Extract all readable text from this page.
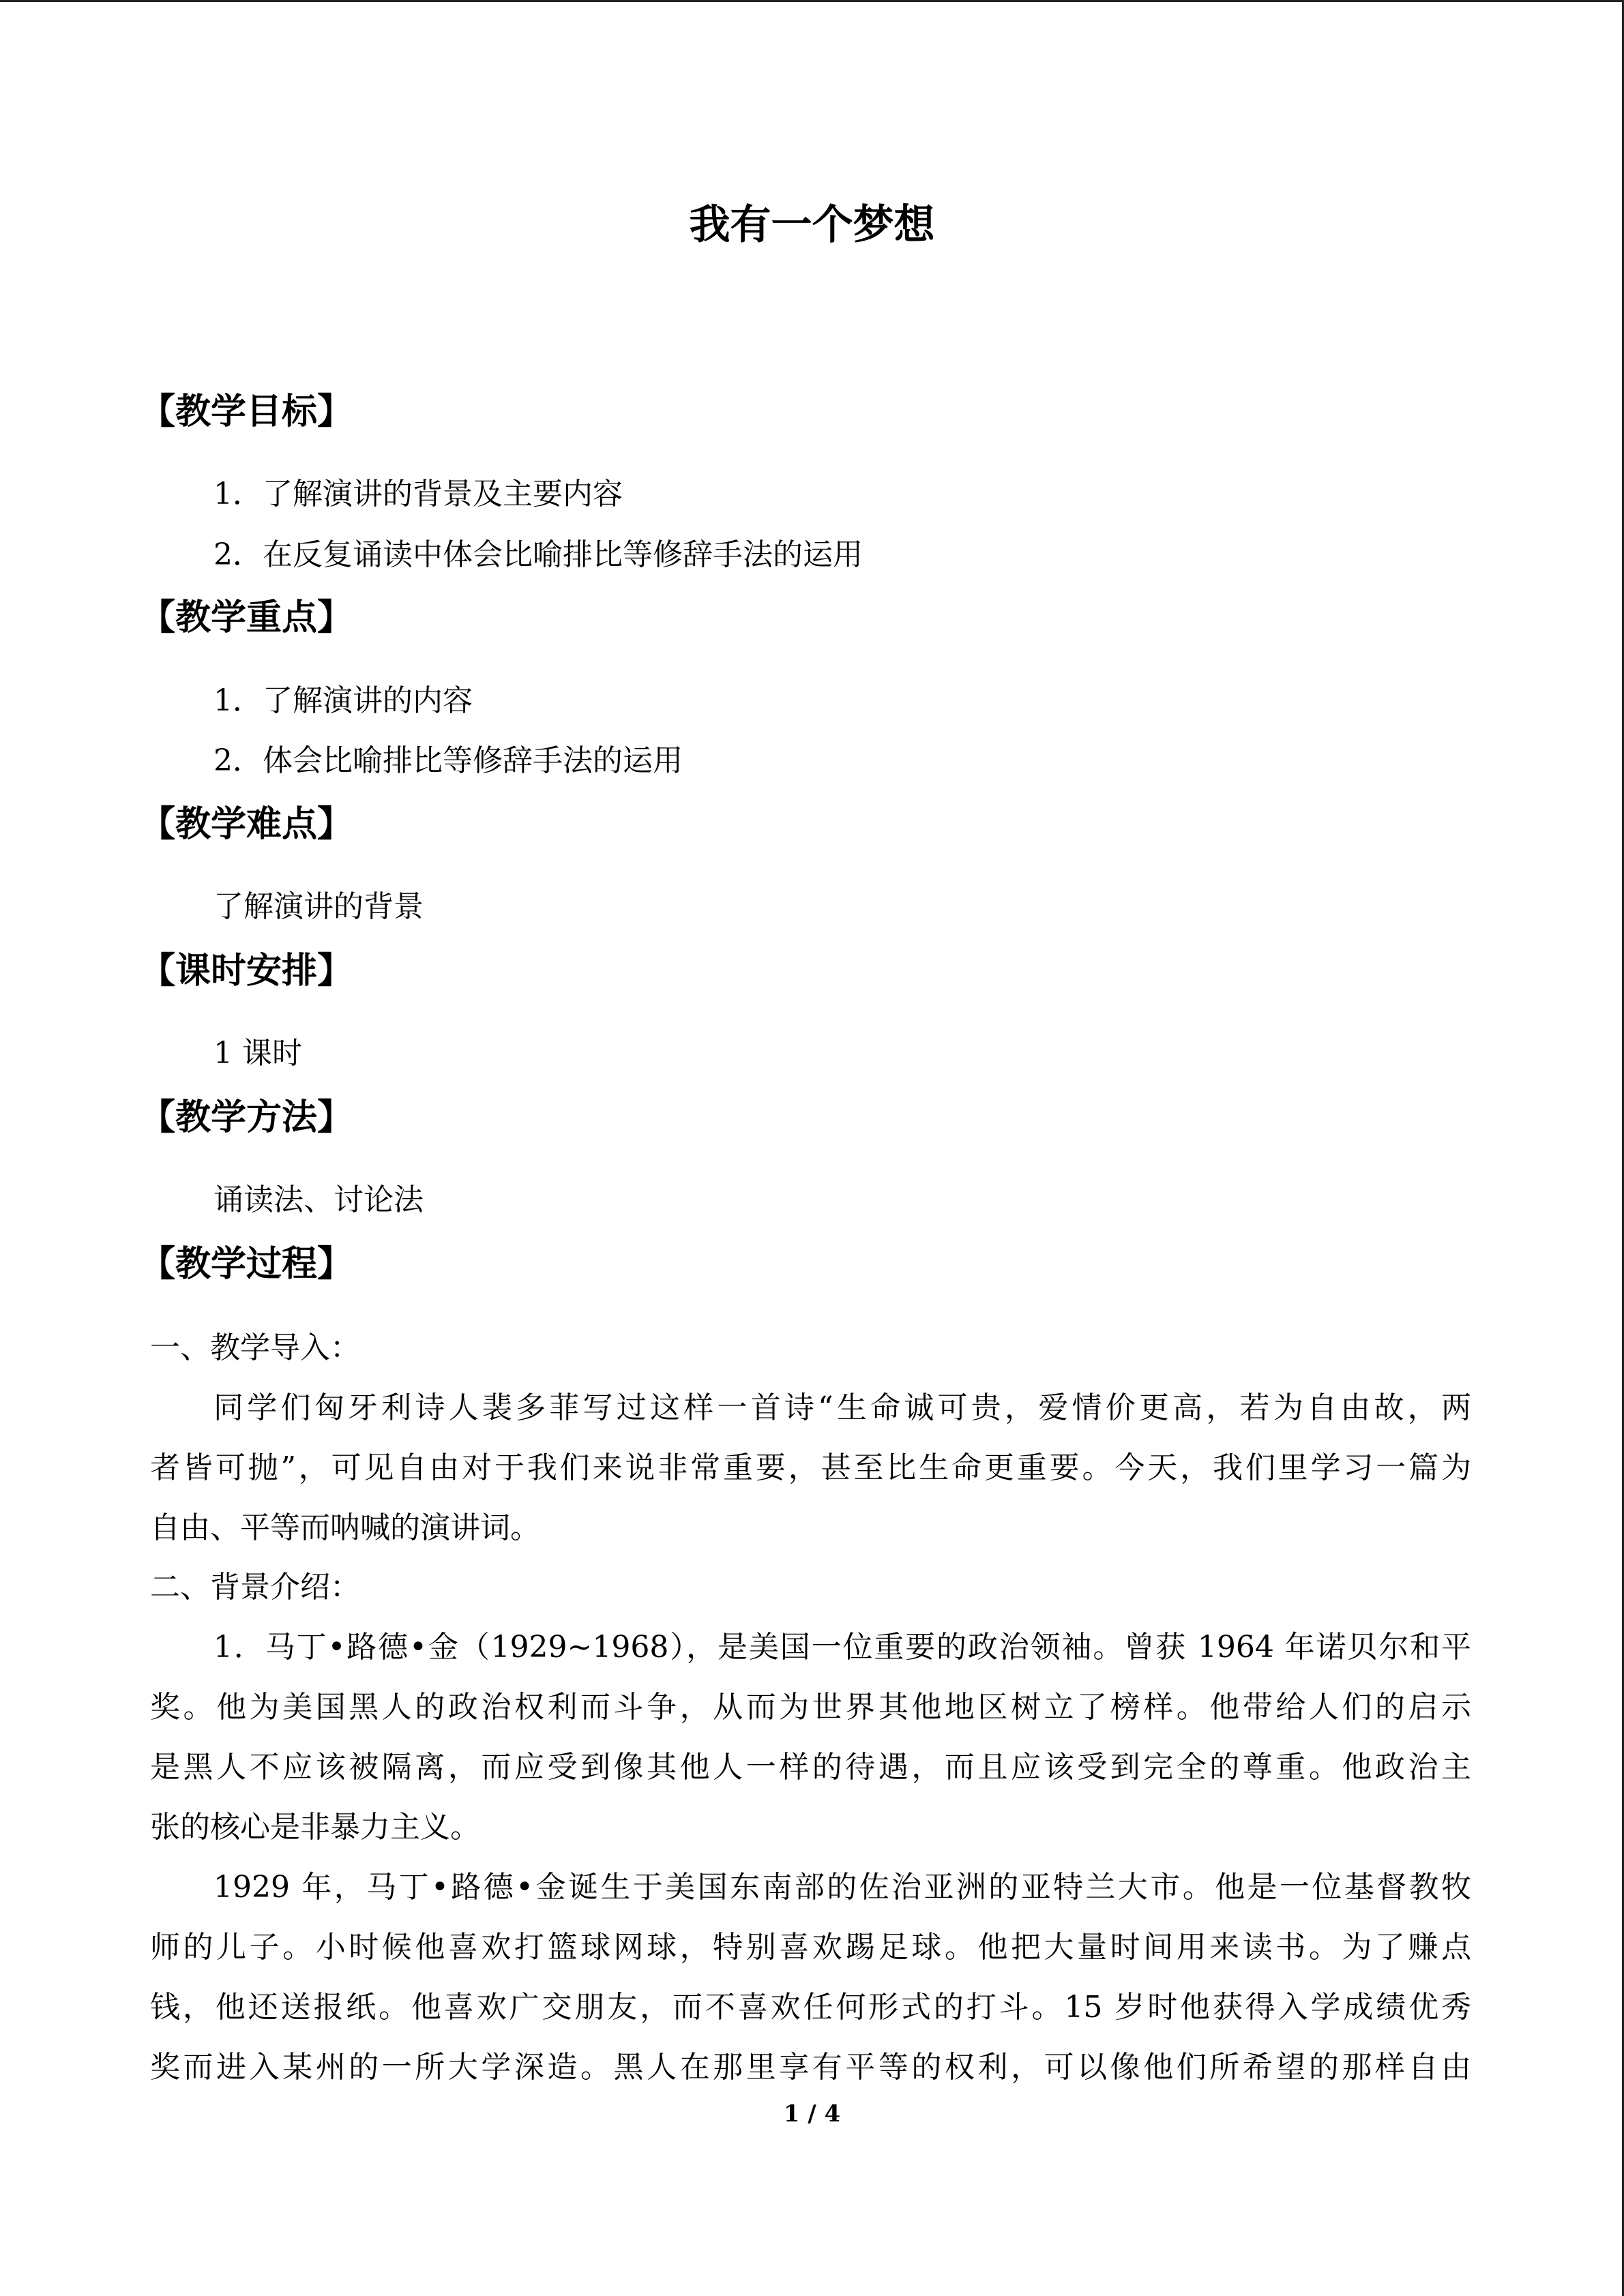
我有一个梦想
【教学目标】
1．了解演讲的背景及主要内容
2．在反复诵读中体会比喻排比等修辞手法的运用
【教学重点】
1．了解演讲的内容
2．体会比喻排比等修辞手法的运用
【教学难点】
了解演讲的背景
【课时安排】
1 课时
【教学方法】
诵读法、讨论法
【教学过程】
一、教学导入：
同学们匈牙利诗人裴多菲写过这样一首诗“生命诚可贵，爱情价更高，若为自由故，两
者皆可抛”，可见自由对于我们来说非常重要，甚至比生命更重要。今天，我们里学习一篇为
自由、平等而呐喊的演讲词。
二、背景介绍：
1．马丁•路德•金（1929~1968），是美国一位重要的政治领袖。曾获 1964 年诺贝尔和平
奖。他为美国黑人的政治权利而斗争，从而为世界其他地区树立了榜样。他带给人们的启示
是黑人不应该被隔离，而应受到像其他人一样的待遇，而且应该受到完全的尊重。他政治主
张的核心是非暴力主义。
1929 年，马丁•路德•金诞生于美国东南部的佐治亚洲的亚特兰大市。他是一位基督教牧
师的儿子。小时候他喜欢打篮球网球，特别喜欢踢足球。他把大量时间用来读书。为了赚点
钱，他还送报纸。他喜欢广交朋友，而不喜欢任何形式的打斗。15 岁时他获得入学成绩优秀
奖而进入某州的一所大学深造。黑人在那里享有平等的权利，可以像他们所希望的那样自由
1 / 4
